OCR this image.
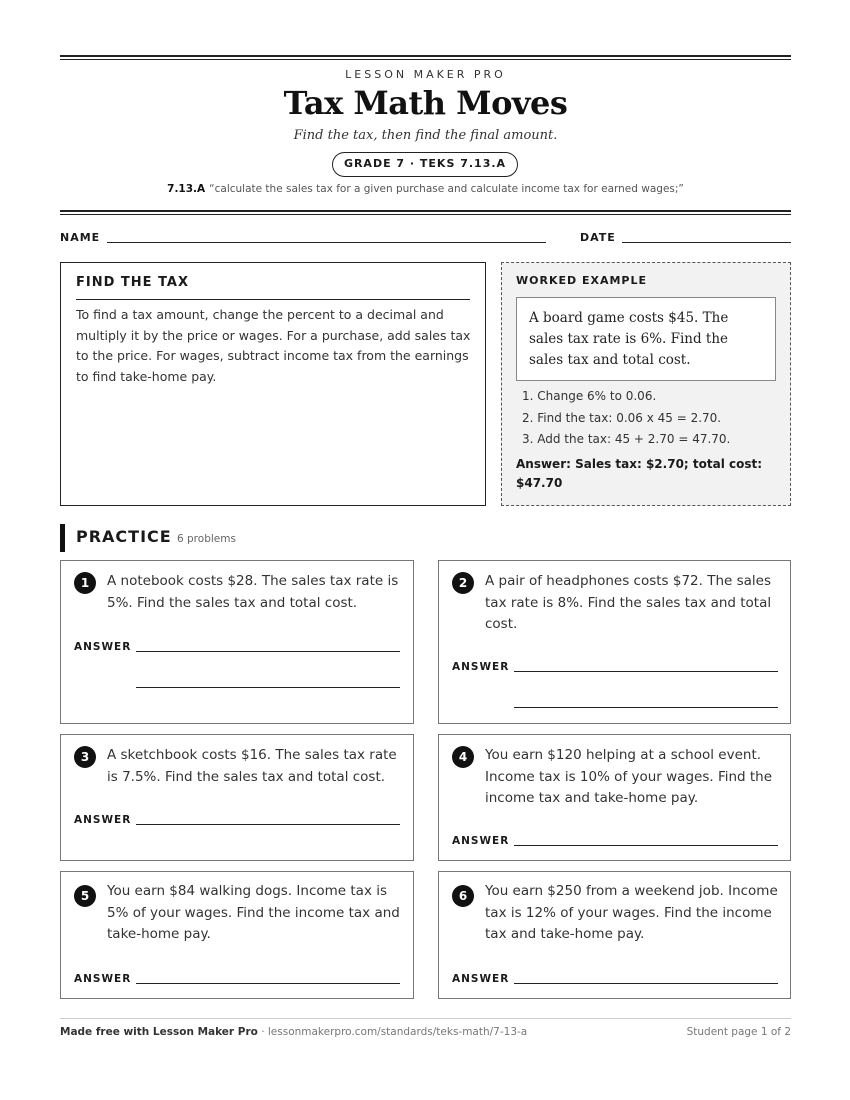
LESSON MAKER PRO
Tax Math Moves
Find the tax, then find the final amount.
GRADE 7 · TEKS 7.13.A
7.13.A “calculate the sales tax for a given purchase and calculate income tax for earned wages;”
NAME	DATE
FIND THE TAX
To find a tax amount, change the percent to a decimal and multiply it by the price or wages. For a purchase, add sales tax to the price. For wages, subtract income tax from the earnings to find take-home pay.
WORKED EXAMPLE
A board game costs $45. The sales tax rate is 6%. Find the sales tax and total cost.
1. Change 6% to 0.06.
2. Find the tax: 0.06 x 45 = 2.70.
3. Add the tax: 45 + 2.70 = 47.70.
Answer: Sales tax: $2.70; total cost: $47.70
PRACTICE 6 problems
1	A notebook costs $28. The sales tax rate is 5%. Find the sales tax and total cost.
ANSWER
2	A pair of headphones costs $72. The sales tax rate is 8%. Find the sales tax and total cost.
ANSWER
3	A sketchbook costs $16. The sales tax rate is 7.5%. Find the sales tax and total cost.
ANSWER
4	You earn $120 helping at a school event. Income tax is 10% of your wages. Find the income tax and take-home pay.
ANSWER
5	You earn $84 walking dogs. Income tax is 5% of your wages. Find the income tax and take-home pay.
ANSWER
6	You earn $250 from a weekend job. Income tax is 12% of your wages. Find the income tax and take-home pay.
ANSWER
Made free with Lesson Maker Pro · lessonmakerpro.com/standards/teks-math/7-13-a	Student page 1 of 2
